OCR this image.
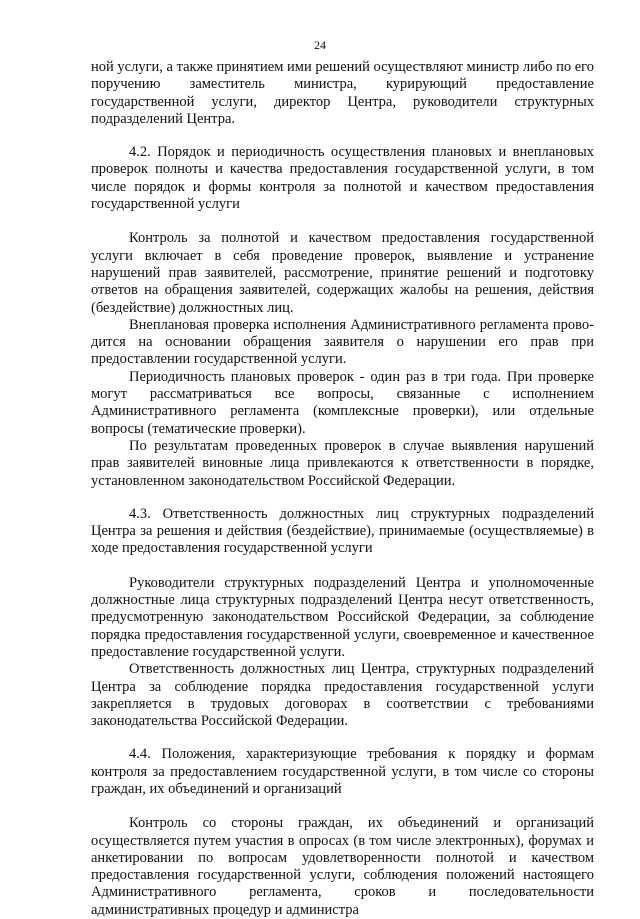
24

ной услуги, а также принятием ими решений осуществляют министр либо по его поручению заместитель министра, курирующий предоставление государственной услуги, директор Центра, руководители структурных подразделений Центра.

4.2. Порядок и периодичность осуществления плановых и внеплановых проверок полноты и качества предоставления государственной услуги, в том числе порядок и формы контроля за полнотой и качеством предоставления государственной услуги

Контроль за полнотой и качеством предоставления государственной услуги включает в себя проведение проверок, выявление и устранение нарушений прав заявителей, рассмотрение, принятие решений и подготовку ответов на обращения заявителей, содержащих жалобы на решения, действия (бездействие) должностных лиц.

Внеплановая проверка исполнения Административного регламента проводится на основании обращения заявителя о нарушении его прав при предоставлении государственной услуги.

Периодичность плановых проверок - один раз в три года. При проверке могут рассматриваться все вопросы, связанные с исполнением Административного регламента (комплексные проверки), или отдельные вопросы (тематические проверки).

По результатам проведенных проверок в случае выявления нарушений прав заявителей виновные лица привлекаются к ответственности в порядке, установленном законодательством Российской Федерации.

4.3. Ответственность должностных лиц структурных подразделений Центра за решения и действия (бездействие), принимаемые (осуществляемые) в ходе предоставления государственной услуги

Руководители структурных подразделений Центра и уполномоченные должностные лица структурных подразделений Центра несут ответственность, предусмотренную законодательством Российской Федерации, за соблюдение порядка предоставления государственной услуги, своевременное и качественное предоставление государственной услуги.

Ответственность должностных лиц Центра, структурных подразделений Центра за соблюдение порядка предоставления государственной услуги закрепляется в трудовых договорах в соответствии с требованиями законодательства Российской Федерации.

4.4. Положения, характеризующие требования к порядку и формам контроля за предоставлением государственной услуги, в том числе со стороны граждан, их объединений и организаций

Контроль со стороны граждан, их объединений и организаций осуществляется путем участия в опросах (в том числе электронных), форумах и анкетировании по вопросам удовлетворенности полнотой и качеством предоставления государственной услуги, соблюдения положений настоящего Административного регламента, сроков и последовательности административных процедур и администра
